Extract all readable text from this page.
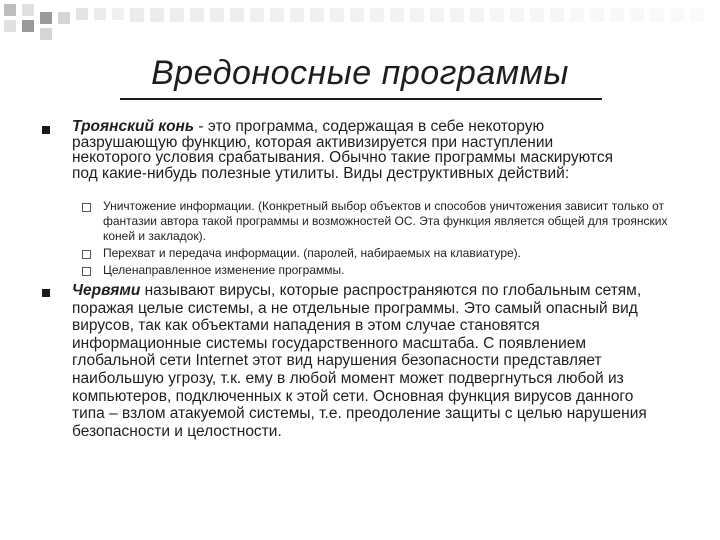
Вредоносные программы
Троянский конь - это программа, содержащая в себе некоторую разрушающую функцию, которая активизируется при наступлении некоторого условия срабатывания. Обычно такие программы маскируются под какие-нибудь полезные утилиты. Виды деструктивных действий:
Уничтожение информации. (Конкретный выбор объектов и способов уничтожения зависит только от фантазии автора такой программы и возможностей ОС. Эта функция является общей для троянских коней и закладок).
Перехват и передача информации. (паролей, набираемых на клавиатуре).
Целенаправленное изменение программы.
Червями называют вирусы, которые распространяются по глобальным сетям, поражая целые системы, а не отдельные программы. Это самый опасный вид вирусов, так как объектами нападения в этом случае становятся информационные системы государственного масштаба. С появлением глобальной сети Internet этот вид нарушения безопасности представляет наибольшую угрозу, т.к. ему в любой момент может подвергнуться любой из компьютеров, подключенных к этой сети. Основная функция вирусов данного типа – взлом атакуемой системы, т.е. преодоление защиты с целью нарушения безопасности и целостности.
